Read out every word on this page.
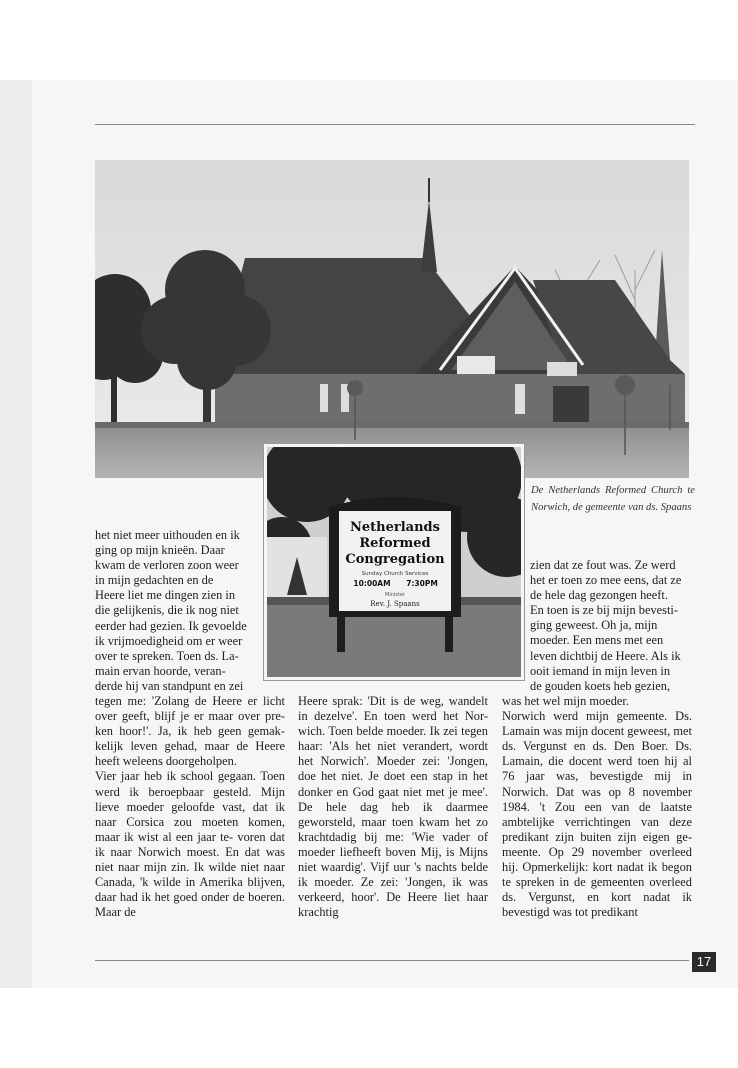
Netherlands
Reformed
Congregation
Sunday Church Services
10:00AM 7:30PM
Minister
Rev. J. Spaans
De Netherlands Reformed Church te Norwich, de gemeente van ds. Spaans

het niet meer uithouden en ik

ging op mijn knieën. Daar

kwam de verloren zoon weer

in mijn gedachten en de

Heere liet me dingen zien in

die gelijkenis, die ik nog niet

eerder had gezien. Ik gevoelde

ik vrijmoedigheid om er weer

over te spreken. Toen ds. La-

main ervan hoorde, veran-

derde hij van standpunt en zei

tegen me: 'Zolang de Heere er licht over geeft, blijf je er maar over pre- ken hoor!'. Ja, ik heb geen gemak- kelijk leven gehad, maar de Heere heeft weleens doorgeholpen.

Vier jaar heb ik school gegaan. Toen werd ik beroepbaar gesteld. Mijn lieve moeder geloofde vast, dat ik naar Corsica zou moeten komen, maar ik wist al een jaar te- voren dat ik naar Norwich moest. En dat was niet naar mijn zin. Ik wilde niet naar Canada, 'k wilde in Amerika blijven, daar had ik het goed onder de boeren. Maar de

Heere sprak: 'Dit is de weg, wandelt in dezelve'. En toen werd het Nor- wich. Toen belde moeder. Ik zei tegen haar: 'Als het niet verandert, wordt het Norwich'. Moeder zei: 'Jongen, doe het niet. Je doet een stap in het donker en God gaat niet met je mee'. De hele dag heb ik daarmee geworsteld, maar toen kwam het zo krachtdadig bij me: 'Wie vader of moeder liefheeft boven Mij, is Mijns niet waardig'. Vijf uur 's nachts belde ik moeder. Ze zei: 'Jongen, ik was verkeerd, hoor'. De Heere liet haar krachtig

zien dat ze fout was. Ze werd

het er toen zo mee eens, dat ze

de hele dag gezongen heeft.

En toen is ze bij mijn bevesti-

ging geweest. Oh ja, mijn

moeder. Een mens met een

leven dichtbij de Heere. Als ik

ooit iemand in mijn leven in

de gouden koets heb gezien,

was het wel mijn moeder.

Norwich werd mijn gemeente. Ds. Lamain was mijn docent geweest, met ds. Vergunst en ds. Den Boer. Ds. Lamain, die docent werd toen hij al 76 jaar was, bevestigde mij in Norwich. Dat was op 8 november 1984. 't Zou een van de laatste ambtelijke verrichtingen van deze predikant zijn buiten zijn eigen ge- meente. Op 29 november overleed hij. Opmerkelijk: kort nadat ik begon te spreken in de gemeenten overleed ds. Vergunst, en kort nadat ik bevestigd was tot predikant

17
